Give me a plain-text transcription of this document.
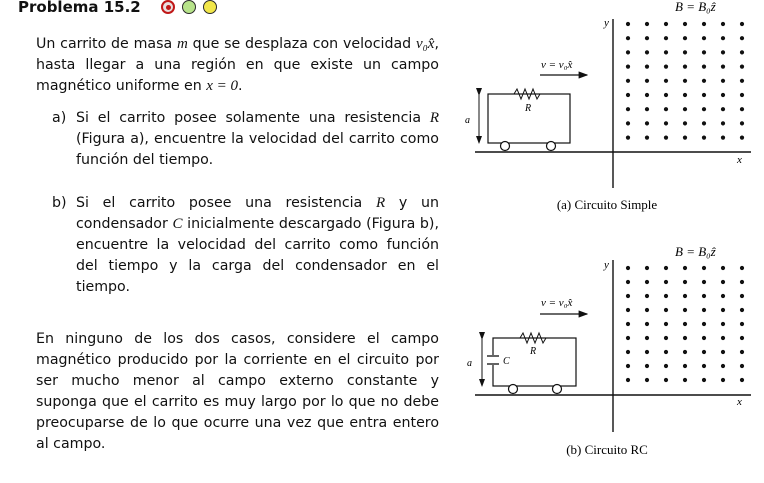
Problema 15.2
Un carrito de masa m que se desplaza con velocidad v₀x̂, hasta llegar a una región en que existe un campo magnético uniforme en x = 0.
a) Si el carrito posee solamente una resistencia R (Figura a), encuentre la velocidad del carrito como función del tiempo.
b) Si el carrito posee una resistencia R y un condensador C inicialmente descargado (Figura b), encuentre la velocidad del carrito como función del tiempo y la carga del condensador en el tiempo.
En ninguno de los dos casos, considere el campo magnético producido por la corriente en el circuito por ser mucho menor al campo externo constante y suponga que el carrito es muy largo por lo que no debe preocuparse de lo que ocurre una vez que entra entero al campo.
B = B₀ẑ
y
x
v = v₀x̂
R
a
(a) Circuito Simple
B = B₀ẑ
y
x
v = v₀x̂
C
R
a
(b) Circuito RC
